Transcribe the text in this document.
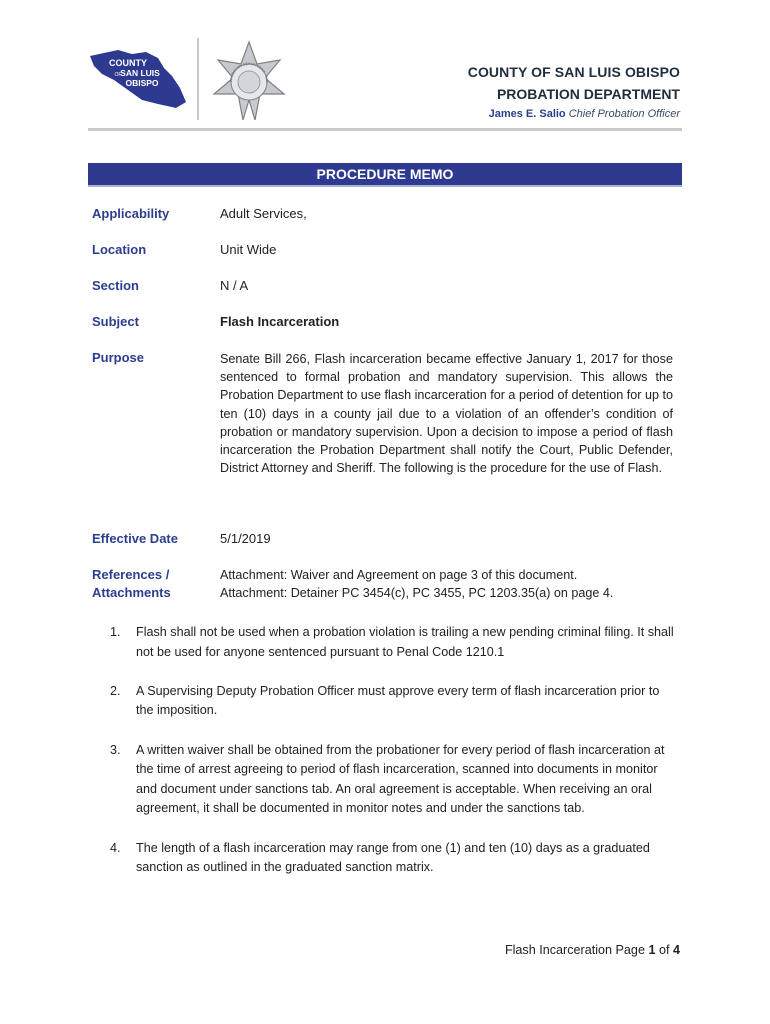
COUNTY
OF
SAN LUIS
OBISPO	PROBATION DEPARTMENT · SAN
COUNTY OF SAN LUIS OBISPO
PROBATION DEPARTMENT
James E. Salio Chief Probation Officer
PROCEDURE MEMO
Applicability	Adult Services,
Location	Unit Wide
Section	N / A
Subject	Flash Incarceration
Purpose	Senate Bill 266, Flash incarceration became effective January 1, 2017 for those sentenced to formal probation and mandatory supervision. This allows the Probation Department to use flash incarceration for a period of detention for up to ten (10) days in a county jail due to a violation of an offender’s condition of probation or mandatory supervision. Upon a decision to impose a period of flash incarceration the Probation Department shall notify the Court, Public Defender, District Attorney and Sheriff. The following is the procedure for the use of Flash.
Effective Date	5/1/2019
References /
Attachments
Attachment: Waiver and Agreement on page 3 of this document.
Attachment: Detainer PC 3454(c), PC 3455, PC 1203.35(a) on page 4.
1.	Flash shall not be used when a probation violation is trailing a new pending criminal filing. It shall not be used for anyone sentenced pursuant to Penal Code 1210.1
2.	A Supervising Deputy Probation Officer must approve every term of flash incarceration prior to the imposition.
3.	A written waiver shall be obtained from the probationer for every period of flash incarceration at the time of arrest agreeing to period of flash incarceration, scanned into documents in monitor and document under sanctions tab. An oral agreement is acceptable. When receiving an oral agreement, it shall be documented in monitor notes and under the sanctions tab.
4.	The length of a flash incarceration may range from one (1) and ten (10) days as a graduated sanction as outlined in the graduated sanction matrix.
Flash Incarceration Page 1 of 4
